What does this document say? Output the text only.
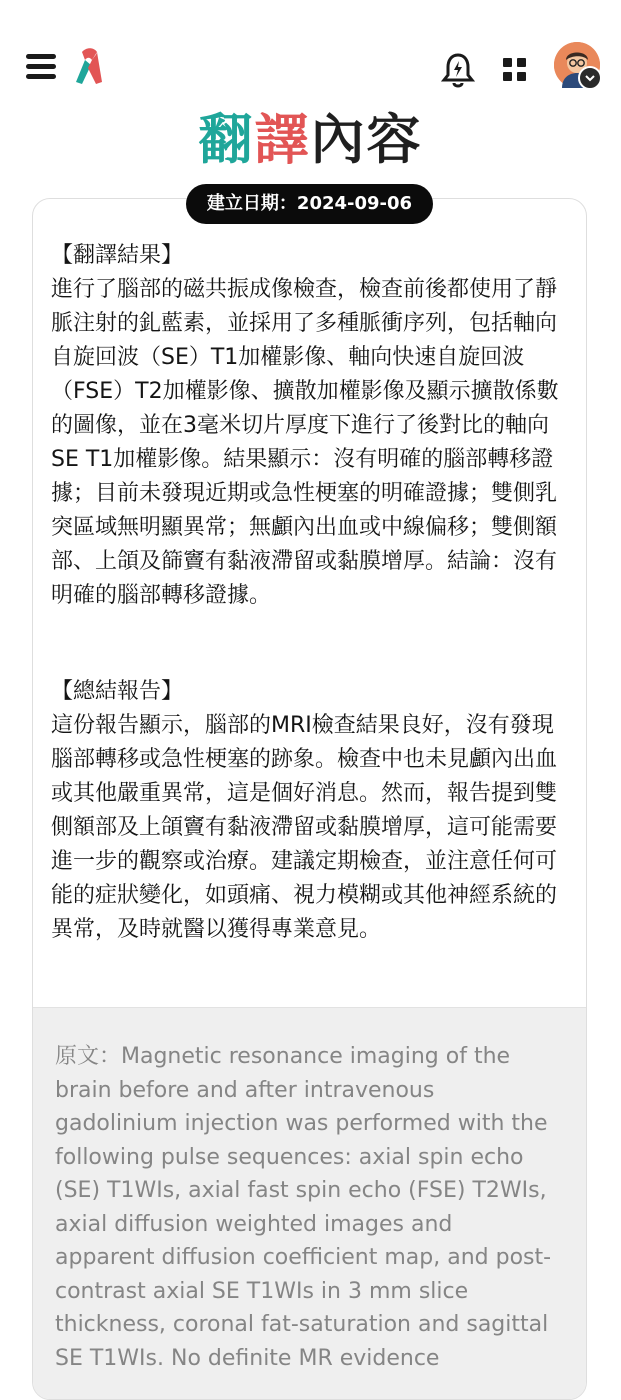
翻譯內容
建立日期：2024-09-06
【翻譯結果】
進行了腦部的磁共振成像檢查，檢查前後都使用了靜脈注射的釓藍素，並採用了多種脈衝序列，包括軸向自旋回波（SE）T1加權影像、軸向快速自旋回波（FSE）T2加權影像、擴散加權影像及顯示擴散係數的圖像，並在3毫米切片厚度下進行了後對比的軸向SE T1加權影像。結果顯示：沒有明確的腦部轉移證據；目前未發現近期或急性梗塞的明確證據；雙側乳突區域無明顯異常；無顱內出血或中線偏移；雙側額部、上頜及篩竇有黏液滯留或黏膜增厚。結論：沒有明確的腦部轉移證據。
【總結報告】
這份報告顯示，腦部的MRI檢查結果良好，沒有發現腦部轉移或急性梗塞的跡象。檢查中也未見顱內出血或其他嚴重異常，這是個好消息。然而，報告提到雙側額部及上頜竇有黏液滯留或黏膜增厚，這可能需要進一步的觀察或治療。建議定期檢查，並注意任何可能的症狀變化，如頭痛、視力模糊或其他神經系統的異常，及時就醫以獲得專業意見。
原文：Magnetic resonance imaging of the brain before and after intravenous gadolinium injection was performed with the following pulse sequences: axial spin echo (SE) T1WIs, axial fast spin echo (FSE) T2WIs, axial diffusion weighted images and apparent diffusion coefficient map, and post-contrast axial SE T1WIs in 3 mm slice thickness, coronal fat-saturation and sagittal SE T1WIs. No definite MR evidence
